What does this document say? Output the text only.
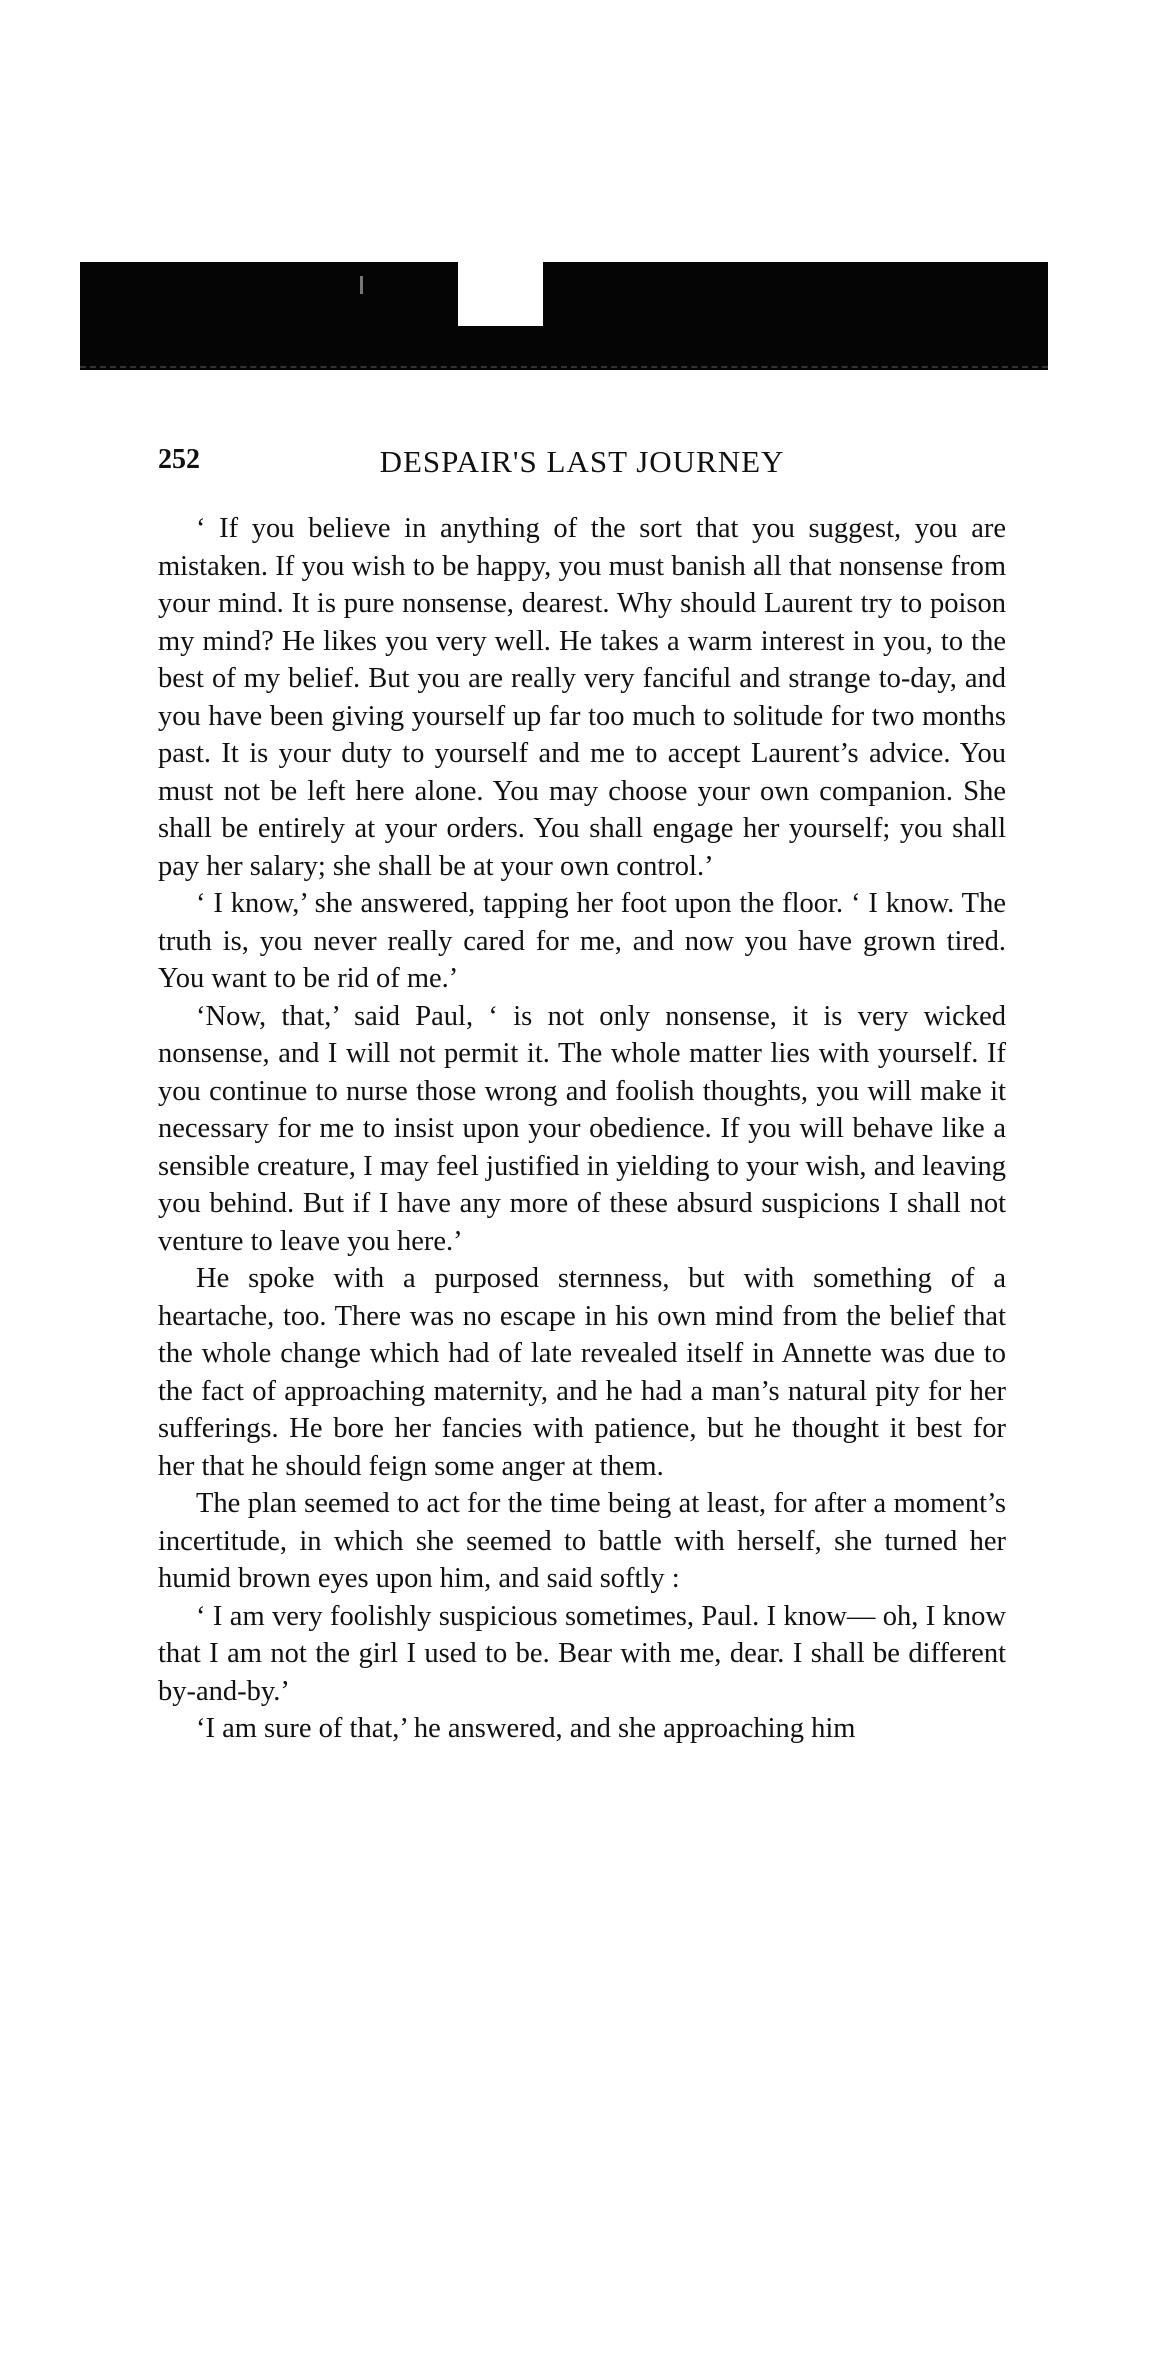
252	DESPAIR'S LAST JOURNEY

‘ If you believe in anything of the sort that you suggest, you are mistaken. If you wish to be happy, you must banish all that nonsense from your mind. It is pure nonsense, dearest. Why should Laurent try to poison my mind? He likes you very well. He takes a warm interest in you, to the best of my belief. But you are really very fanciful and strange to-day, and you have been giving yourself up far too much to solitude for two months past. It is your duty to yourself and me to accept Laurent’s advice. You must not be left here alone. You may choose your own companion. She shall be entirely at your orders. You shall engage her yourself; you shall pay her salary; she shall be at your own control.’

‘ I know,’ she answered, tapping her foot upon the floor. ‘ I know. The truth is, you never really cared for me, and now you have grown tired. You want to be rid of me.’

‘Now, that,’ said Paul, ‘ is not only nonsense, it is very wicked nonsense, and I will not permit it. The whole matter lies with yourself. If you continue to nurse those wrong and foolish thoughts, you will make it necessary for me to insist upon your obedience. If you will behave like a sensible creature, I may feel justified in yielding to your wish, and leaving you behind. But if I have any more of these absurd suspicions I shall not venture to leave you here.’

He spoke with a purposed sternness, but with something of a heartache, too. There was no escape in his own mind from the belief that the whole change which had of late revealed itself in Annette was due to the fact of approaching maternity, and he had a man’s natural pity for her sufferings. He bore her fancies with patience, but he thought it best for her that he should feign some anger at them.

The plan seemed to act for the time being at least, for after a moment’s incertitude, in which she seemed to battle with herself, she turned her humid brown eyes upon him, and said softly :

‘ I am very foolishly suspicious sometimes, Paul. I know— oh, I know that I am not the girl I used to be. Bear with me, dear. I shall be different by-and-by.’

‘I am sure of that,’ he answered, and she approaching him
